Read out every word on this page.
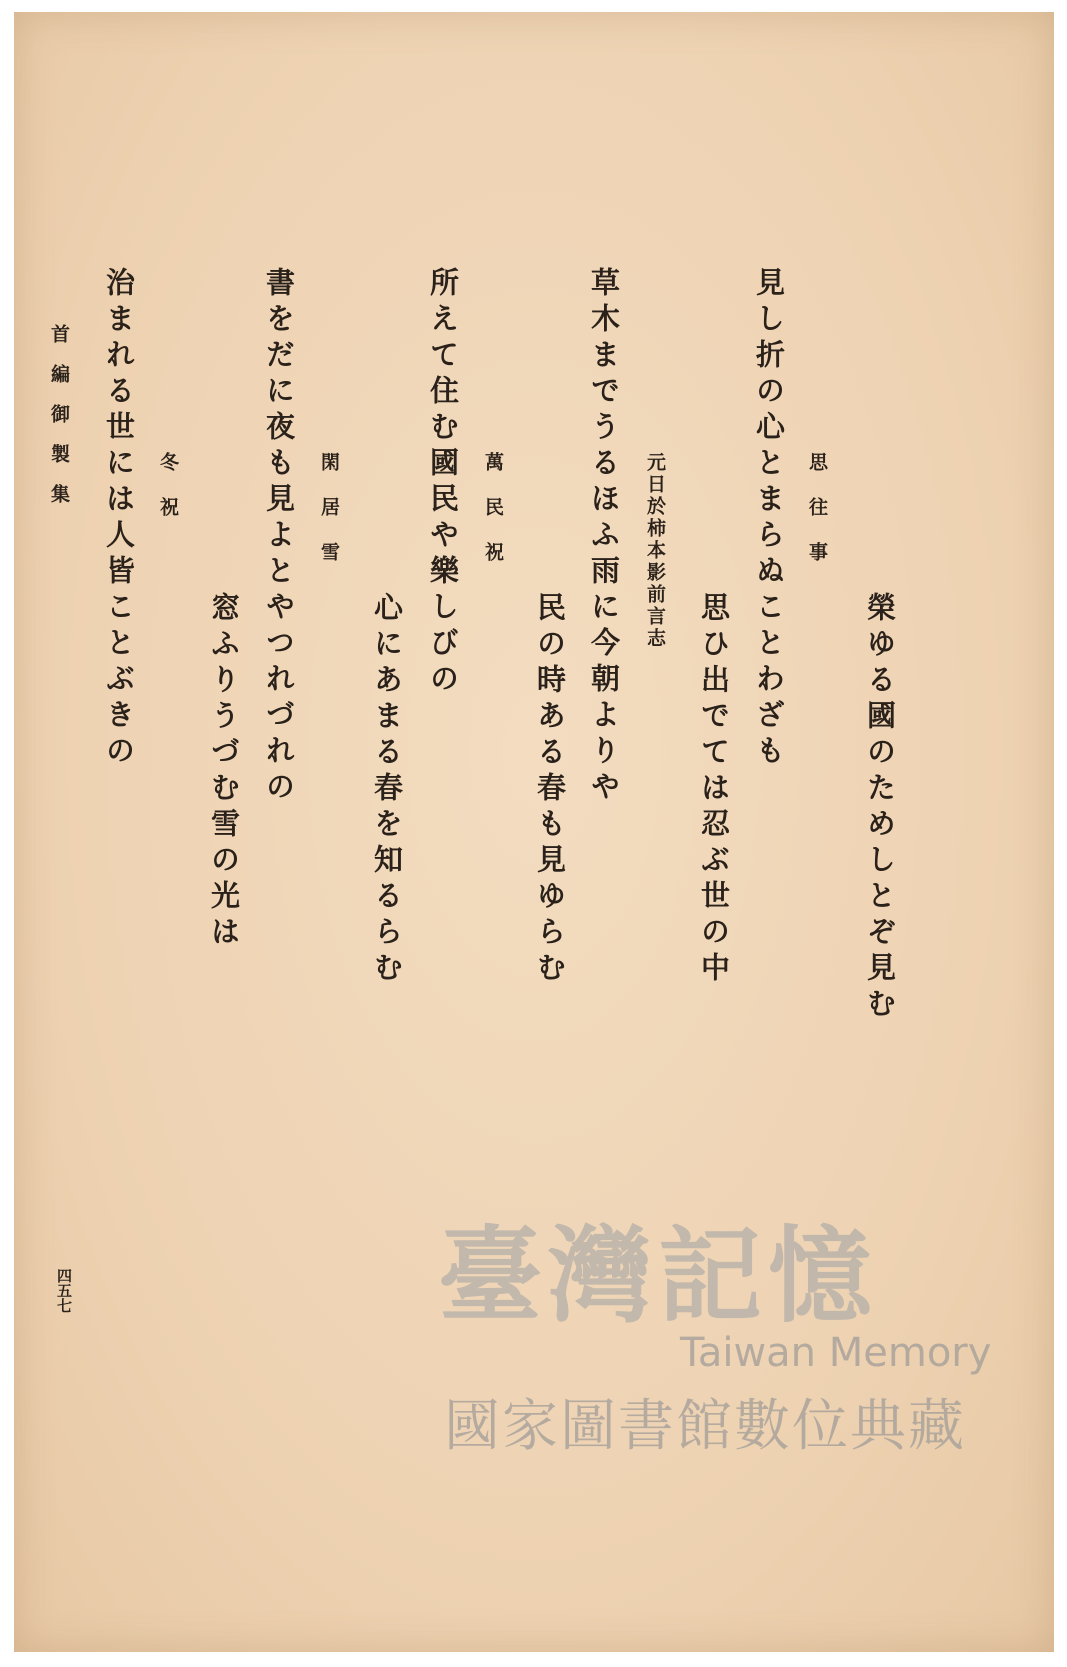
榮ゆる國のためしとぞ見む
思往事
見し折の心とまらぬことわざも
思ひ出でては忍ぶ世の中
元日於柿本影前言志
草木までうるほふ雨に今朝よりや
民の時ある春も見ゆらむ
萬民祝
所えて住む國民や樂しびの
心にあまる春を知るらむ
閑居雪
書をだに夜も見よとやつれづれの
窓ふりうづむ雪の光は
冬祝
治まれる世には人皆ことぶきの
首編御製集
四五七	臺灣記憶
Taiwan Memory
國家圖書館數位典藏
